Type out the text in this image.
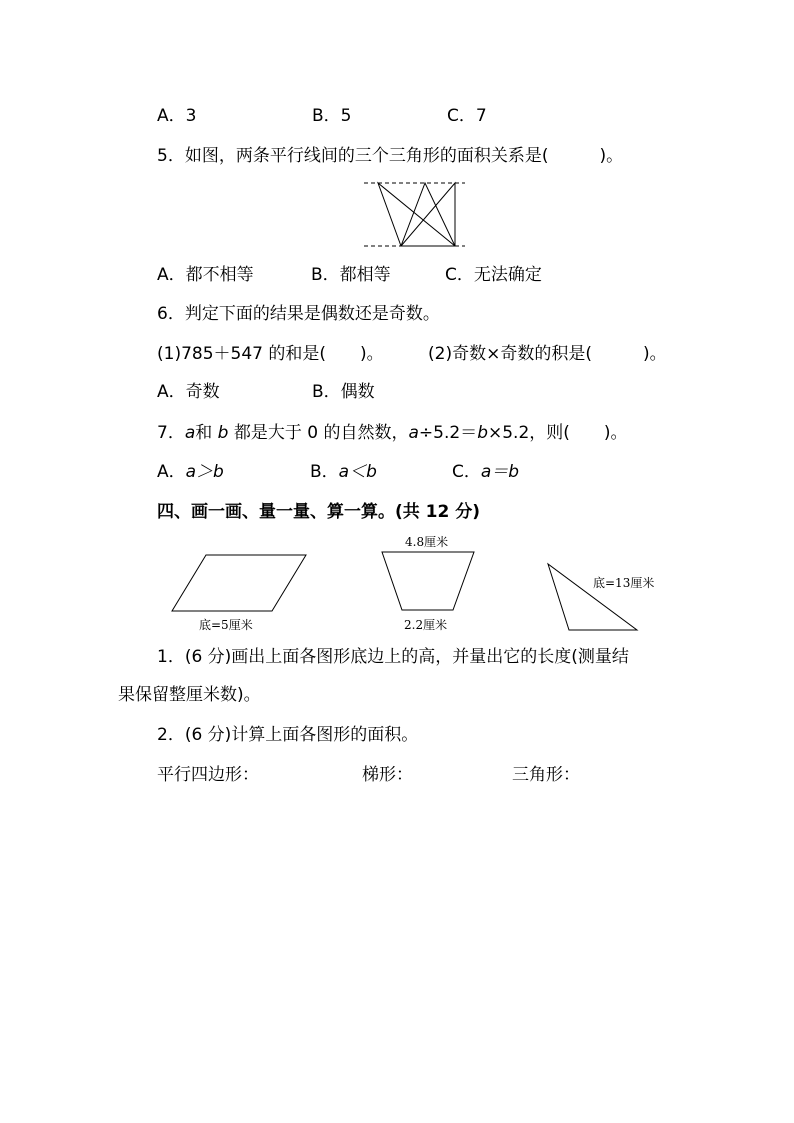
A．3	B．5	C．7
5．如图，两条平行线间的三个三角形的面积关系是(　　　)。
底=5厘米
4.8厘米
2.2厘米
底=13厘米
A．都不相等	B．都相等	C．无法确定
6．判定下面的结果是偶数还是奇数。
(1)785＋547 的和是(　　)。	(2)奇数×奇数的积是(　　　)。
A．奇数	B．偶数
7．a和 b 都是大于 0 的自然数，a÷5.2＝b×5.2，则(　　)。
A．a＞b	B．a＜b	C．a＝b
四、画一画、量一量、算一算。(共 12 分)
1．(6 分)画出上面各图形底边上的高，并量出它的长度(测量结
果保留整厘米数)。
2．(6 分)计算上面各图形的面积。
平行四边形：	梯形：	三角形：
